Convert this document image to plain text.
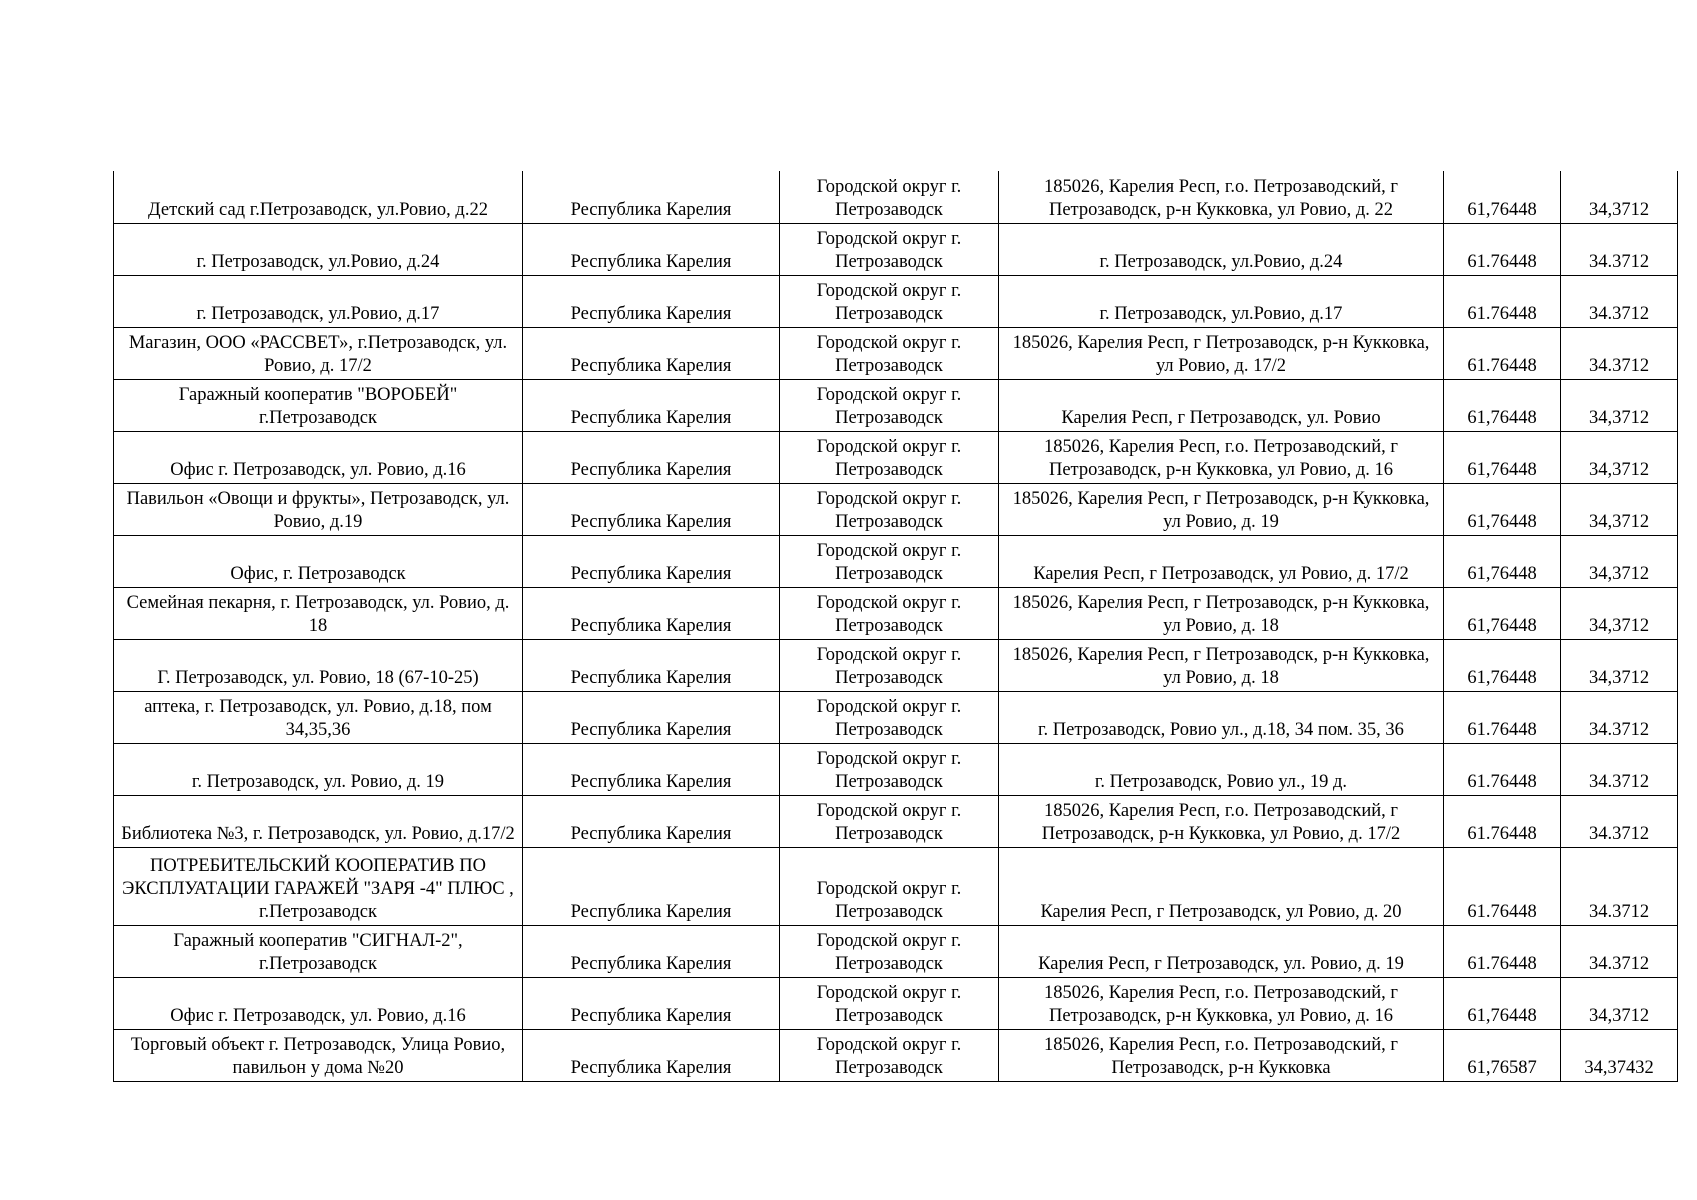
Детский сад г.Петрозаводск, ул.Ровио, д.22	Республика Карелия	Городской округ г. Петрозаводск	185026, Карелия Респ, г.о. Петрозаводский, г Петрозаводск, р-н Кукковка, ул Ровио, д. 22	61,76448	34,3712
г. Петрозаводск, ул.Ровио, д.24	Республика Карелия	Городской округ г. Петрозаводск	г. Петрозаводск, ул.Ровио, д.24	61.76448	34.3712
г. Петрозаводск, ул.Ровио, д.17	Республика Карелия	Городской округ г. Петрозаводск	г. Петрозаводск, ул.Ровио, д.17	61.76448	34.3712
Магазин, ООО «РАССВЕТ», г.Петрозаводск, ул. Ровио, д. 17/2	Республика Карелия	Городской округ г. Петрозаводск	185026, Карелия Респ, г Петрозаводск, р-н Кукковка, ул Ровио, д. 17/2	61.76448	34.3712
Гаражный кооператив "ВОРОБЕЙ" г.Петрозаводск	Республика Карелия	Городской округ г. Петрозаводск	Карелия Респ, г Петрозаводск, ул. Ровио	61,76448	34,3712
Офис г. Петрозаводск, ул. Ровио, д.16	Республика Карелия	Городской округ г. Петрозаводск	185026, Карелия Респ, г.о. Петрозаводский, г Петрозаводск, р-н Кукковка, ул Ровио, д. 16	61,76448	34,3712
Павильон «Овощи и фрукты», Петрозаводск, ул. Ровио, д.19	Республика Карелия	Городской округ г. Петрозаводск	185026, Карелия Респ, г Петрозаводск, р-н Кукковка, ул Ровио, д. 19	61,76448	34,3712
Офис, г. Петрозаводск	Республика Карелия	Городской округ г. Петрозаводск	Карелия Респ, г Петрозаводск, ул Ровио, д. 17/2	61,76448	34,3712
Семейная пекарня, г. Петрозаводск, ул. Ровио, д. 18	Республика Карелия	Городской округ г. Петрозаводск	185026, Карелия Респ, г Петрозаводск, р-н Кукковка, ул Ровио, д. 18	61,76448	34,3712
Г. Петрозаводск, ул. Ровио, 18 (67-10-25)	Республика Карелия	Городской округ г. Петрозаводск	185026, Карелия Респ, г Петрозаводск, р-н Кукковка, ул Ровио, д. 18	61,76448	34,3712
аптека, г. Петрозаводск, ул. Ровио, д.18, пом 34,35,36	Республика Карелия	Городской округ г. Петрозаводск	г. Петрозаводск, Ровио ул., д.18, 34 пом. 35, 36	61.76448	34.3712
г. Петрозаводск, ул. Ровио, д. 19	Республика Карелия	Городской округ г. Петрозаводск	г. Петрозаводск, Ровио ул., 19 д.	61.76448	34.3712
Библиотека №3, г. Петрозаводск, ул. Ровио, д.17/2	Республика Карелия	Городской округ г. Петрозаводск	185026, Карелия Респ, г.о. Петрозаводский, г Петрозаводск, р-н Кукковка, ул Ровио, д. 17/2	61.76448	34.3712
ПОТРЕБИТЕЛЬСКИЙ КООПЕРАТИВ ПО ЭКСПЛУАТАЦИИ ГАРАЖЕЙ "ЗАРЯ -4" ПЛЮС , г.Петрозаводск	Республика Карелия	Городской округ г. Петрозаводск	Карелия Респ, г Петрозаводск, ул Ровио, д. 20	61.76448	34.3712
Гаражный кооператив "СИГНАЛ-2", г.Петрозаводск	Республика Карелия	Городской округ г. Петрозаводск	Карелия Респ, г Петрозаводск, ул. Ровио, д. 19	61.76448	34.3712
Офис г. Петрозаводск, ул. Ровио, д.16	Республика Карелия	Городской округ г. Петрозаводск	185026, Карелия Респ, г.о. Петрозаводский, г Петрозаводск, р-н Кукковка, ул Ровио, д. 16	61,76448	34,3712
Торговый объект г. Петрозаводск, Улица Ровио, павильон у дома №20	Республика Карелия	Городской округ г. Петрозаводск	185026, Карелия Респ, г.о. Петрозаводский, г Петрозаводск, р-н Кукковка	61,76587	34,37432
